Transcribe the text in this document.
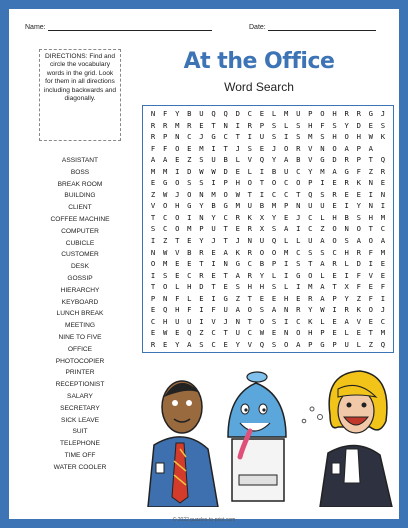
Name:	Date:
DIRECTIONS: Find and circle the vocabulary words in the grid. Look for them in all directions including backwards and diagonally.
At the Office
Word Search
N	F	Y	B	U	Q	Q	D	C	E	L	M	U	P	O	H	R	R	G	J
R	R	M	R	E	T	N	I	R	P	S	L	S	H	F	S	Y	D	E	S
R	P	N	C	J	G	C	T	I	U	S	I	S	M	S	H	O	H	W	K
F	F	O	E	M	I	T	J	S	E	J	O	R	V	N	O	A	P	A
A	A	E	Z	S	U	B	L	V	Q	Y	A	B	V	G	D	R	P	T	Q
M	M	I	D	W	W	D	E	L	I	B	U	C	Y	M	A	G	F	Z	R
E	G	O	S	S	I	P	H	O	T	O	C	O	P	I	E	R	K	N	E
Z	W	J	O	N	M	O	W	T	I	C	C	T	Q	S	R	E	E	I	N
V	O	H	G	Y	B	G	M	U	B	M	P	N	U	U	E	I	Y	N	I
T	C	O	I	N	Y	C	R	K	X	Y	E	J	C	L	H	B	S	H	M
S	C	O	M	P	U	T	E	R	X	S	A	I	C	Z	O	N	O	T	C
I	Z	T	E	Y	J	T	J	N	U	Q	L	L	U	A	O	S	A	O	A
N	W	V	B	R	E	A	K	R	O	O	M	C	S	S	C	H	R	F	M
O	M	E	E	T	I	N	G	C	B	P	I	S	T	A	R	L	D	I	E
I	S	E	C	R	E	T	A	R	Y	L	I	G	O	L	E	I	F	V	E
T	O	L	H	D	T	E	S	H	H	S	L	I	M	A	T	X	F	E	F
P	N	F	L	E	I	G	Z	T	E	E	H	E	R	A	P	Y	Z	F	I
E	Q	H	F	I	F	U	A	O	S	A	N	R	Y	W	I	R	K	O	J
C	H	U	U	I	V	J	N	T	O	S	I	C	K	L	E	A	V	E	C
E	W	E	Q	Z	C	T	U	C	W	E	N	O	H	P	E	L	E	T	M
R	E	Y	A	S	C	E	Y	V	Q	S	O	A	P	G	P	U	L	Z	Q
ASSISTANT
BOSS
BREAK ROOM
BUILDING
CLIENT
COFFEE MACHINE
COMPUTER
CUBICLE
CUSTOMER
DESK
GOSSIP
HIERARCHY
KEYBOARD
LUNCH BREAK
MEETING
NINE TO FIVE
OFFICE
PHOTOCOPIER
PRINTER
RECEPTIONIST
SALARY
SECRETARY
SICK LEAVE
SUIT
TELEPHONE
TIME OFF
WATER COOLER
© 2022 puzzles-to-print.com
